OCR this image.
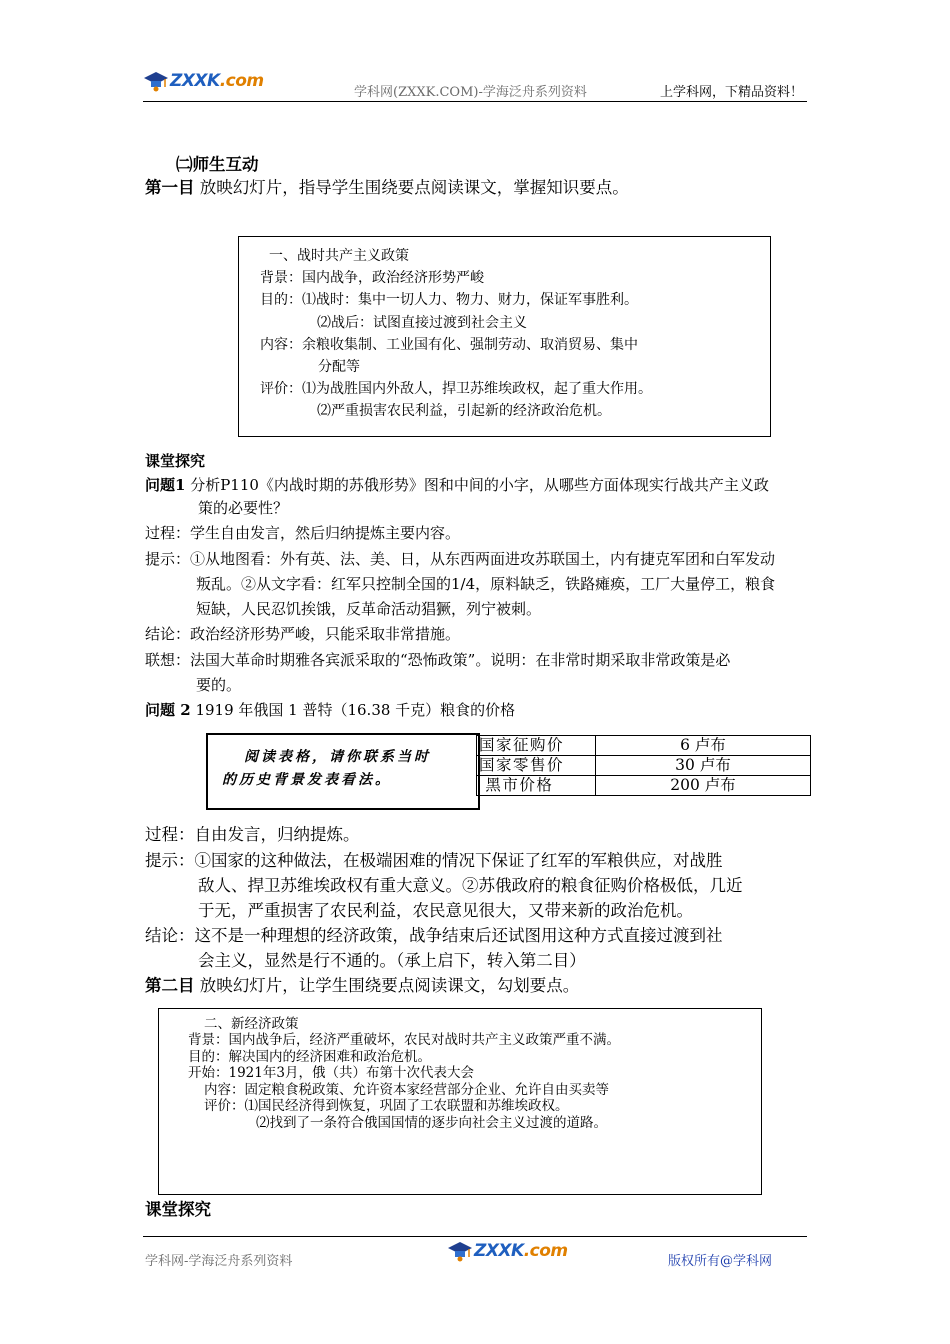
ZXXK .com
学科网(ZXXK.COM)-学海泛舟系列资料	上学科网，下精品资料！
㈡师生互动
第一目 放映幻灯片，指导学生围绕要点阅读课文，掌握知识要点。
一、战时共产主义政策
背景：国内战争，政治经济形势严峻
目的：⑴战时：集中一切人力、物力、财力，保证军事胜利。
⑵战后：试图直接过渡到社会主义
内容：余粮收集制、工业国有化、强制劳动、取消贸易、集中
分配等
评价：⑴为战胜国内外敌人，捍卫苏维埃政权，起了重大作用。
⑵严重损害农民利益，引起新的经济政治危机。
课堂探究
问题1 分析P110《内战时期的苏俄形势》图和中间的小字，从哪些方面体现实行战共产主义政
策的必要性？
过程：学生自由发言，然后归纳提炼主要内容。
提示：①从地图看：外有英、法、美、日，从东西两面进攻苏联国土，内有捷克军团和白军发动
叛乱。②从文字看：红军只控制全国的1/4，原料缺乏，铁路瘫痪，工厂大量停工，粮食
短缺，人民忍饥挨饿，反革命活动猖獗，列宁被刺。
结论：政治经济形势严峻，只能采取非常措施。
联想：法国大革命时期雅各宾派采取的“恐怖政策”。说明：在非常时期采取非常政策是必
要的。
问题 2 1919 年俄国 1 普特（16.38 千克）粮食的价格
阅读表格，请你联系当时
的历史背景发表看法。
国家征购价	6 卢布
国家零售价	30 卢布
黑市价格	200 卢布
过程：自由发言，归纳提炼。
提示：①国家的这种做法，在极端困难的情况下保证了红军的军粮供应，对战胜
敌人、捍卫苏维埃政权有重大意义。②苏俄政府的粮食征购价格极低，几近
于无，严重损害了农民利益，农民意见很大，又带来新的政治危机。
结论：这不是一种理想的经济政策，战争结束后还试图用这种方式直接过渡到社
会主义，显然是行不通的。（承上启下，转入第二目）
第二目 放映幻灯片，让学生围绕要点阅读课文，勾划要点。
二、新经济政策
背景：国内战争后，经济严重破坏，农民对战时共产主义政策严重不满。
目的：解决国内的经济困难和政治危机。
开始：1921年3月，俄（共）布第十次代表大会
内容：固定粮食税政策、允许资本家经营部分企业、允许自由买卖等
评价：⑴国民经济得到恢复，巩固了工农联盟和苏维埃政权。
⑵找到了一条符合俄国国情的逐步向社会主义过渡的道路。
课堂探究
学科网-学海泛舟系列资料
ZXXK .com
版权所有@学科网
